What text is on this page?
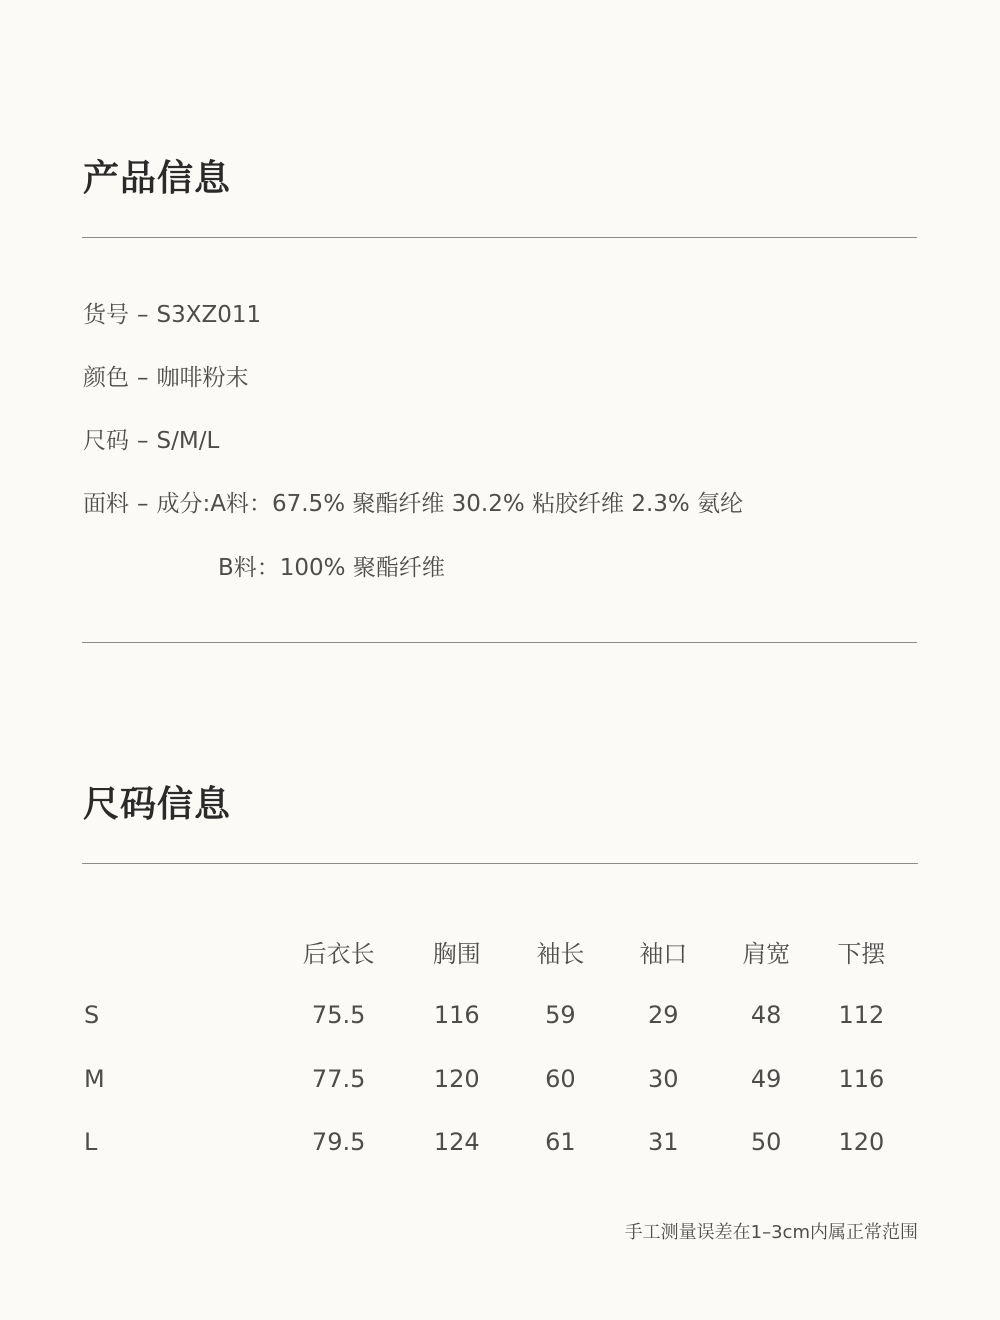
产品信息
货号 – S3XZ011
颜色 – 咖啡粉末
尺码 – S/M/L
面料 – 成分:A料：67.5% 聚酯纤维 30.2% 粘胶纤维 2.3% 氨纶
B料：100% 聚酯纤维
尺码信息
	后衣长	胸围	袖长	袖口	肩宽	下摆
S	75.5	116	59	29	48	112
M	77.5	120	60	30	49	116
L	79.5	124	61	31	50	120
手工测量误差在1–3cm内属正常范围
